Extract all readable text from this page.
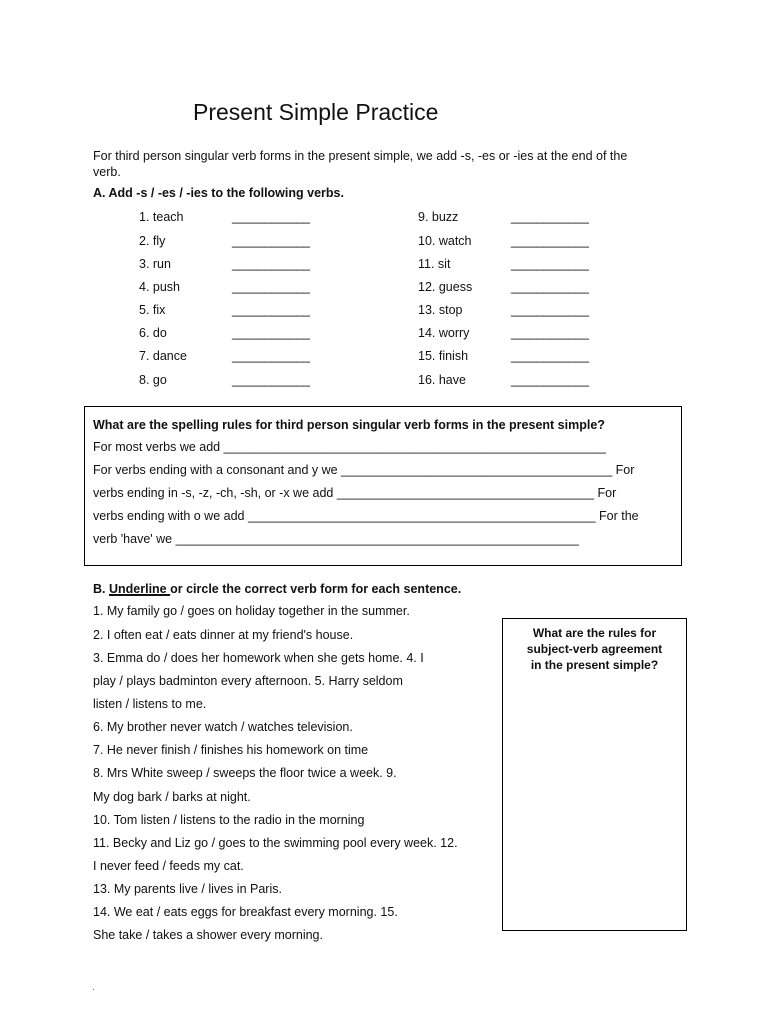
Present Simple Practice
For third person singular verb forms in the present simple, we add -s, -es or -ies at the end of the verb.
A. Add -s / -es / -ies to the following verbs.
1. teach
2. fly
3. run
4. push
5. fix
6. do
7. dance
8. go
____________
____________
____________
____________
____________
____________
____________
____________
9. buzz
10. watch
11. sit
12. guess
13. stop
14. worry
15. finish
16. have
____________
____________
____________
____________
____________
____________
____________
____________
What are the spelling rules for third person singular verb forms in the present simple?
For most verbs we add _______________________________________________________
For verbs ending with a consonant and y we _______________________________________ For
verbs ending in -s, -z, -ch, -sh, or -x we add _____________________________________ For
verbs ending with o we add __________________________________________________ For the
verb 'have' we __________________________________________________________
B. Underline or circle the correct verb form for each sentence.
1. My family go / goes on holiday together in the summer.
2. I often eat / eats dinner at my friend's house.
3. Emma do / does her homework when she gets home. 4. I
play / plays badminton every afternoon. 5. Harry seldom
listen / listens to me.
6. My brother never watch / watches television.
7. He never finish / finishes his homework on time
8. Mrs White sweep / sweeps the floor twice a week. 9.
My dog bark / barks at night.
10. Tom listen / listens to the radio in the morning
11. Becky and Liz go / goes to the swimming pool every week. 12.
I never feed / feeds my cat.
13. My parents live / lives in Paris.
14. We eat / eats eggs for breakfast every morning. 15.
She take / takes a shower every morning.
What are the rules for
subject-verb agreement
in the present simple?
.
